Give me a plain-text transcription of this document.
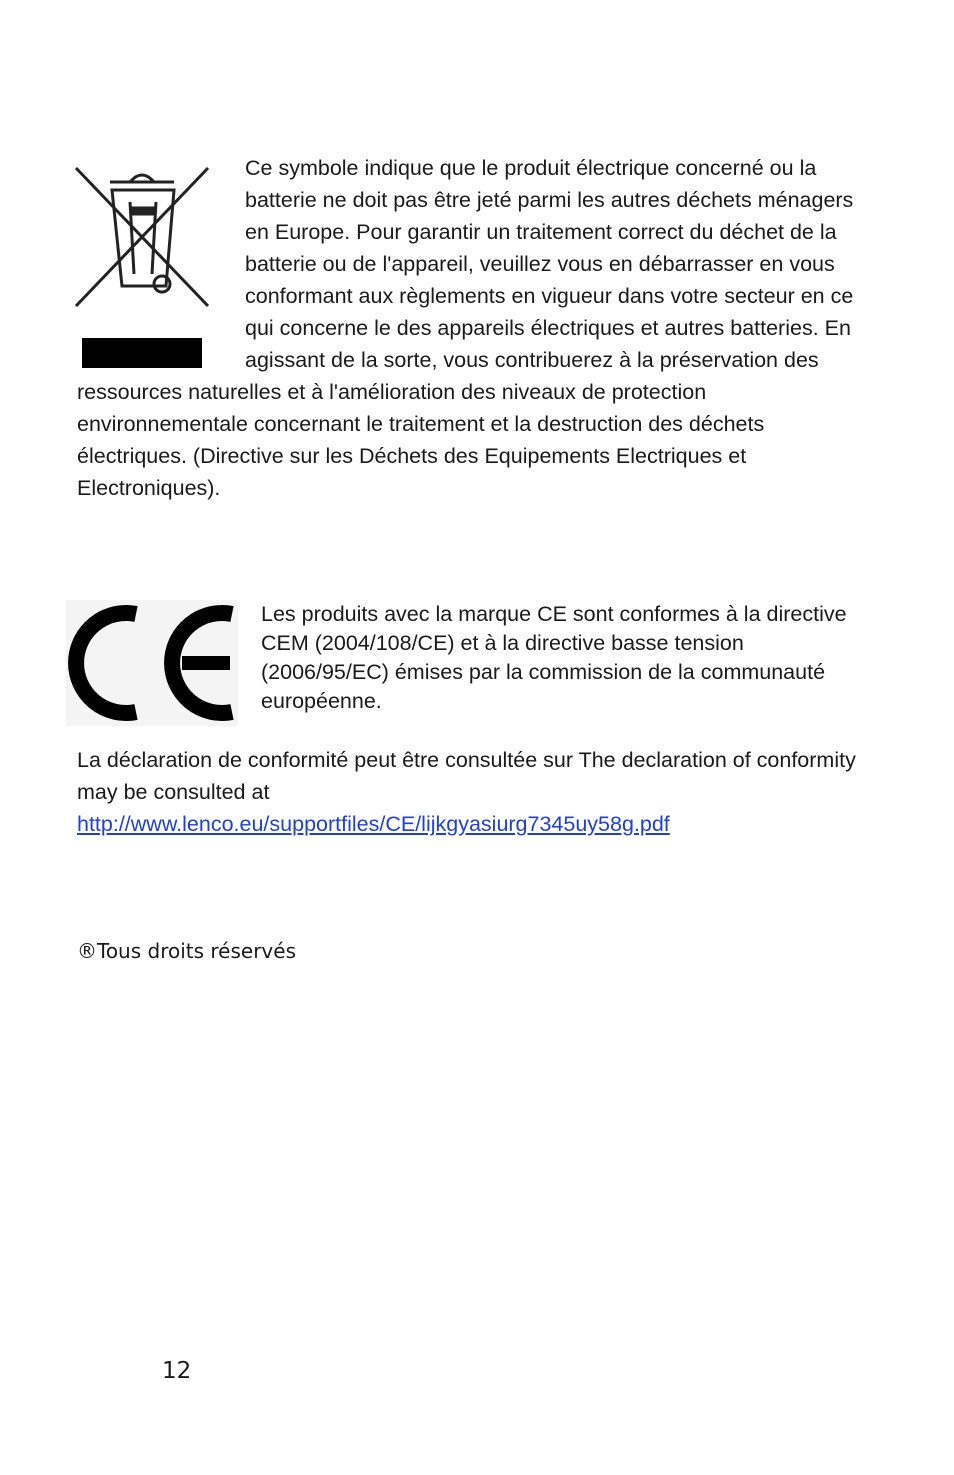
Ce symbole indique que le produit électrique concerné ou la batterie ne doit pas être jeté parmi les autres déchets ménagers en Europe. Pour garantir un traitement correct du déchet de la batterie ou de l'appareil, veuillez vous en débarrasser en vous conformant aux règlements en vigueur dans votre secteur en ce qui concerne le des appareils électriques et autres batteries. En agissant de la sorte, vous contribuerez à la préservation des ressources naturelles et à l'amélioration des niveaux de protection environnementale concernant le traitement et la destruction des déchets électriques. (Directive sur les Déchets des Equipements Electriques et Electroniques).

Les produits avec la marque CE sont conformes à la directive CEM (2004/108/CE) et à la directive basse tension (2006/95/EC) émises par la commission de la communauté européenne.

La déclaration de conformité peut être consultée sur The declaration of conformity may be consulted at

http://www.lenco.eu/supportfiles/CE/lijkgyasiurg7345uy58g.pdf
®Tous droits réservés
12
